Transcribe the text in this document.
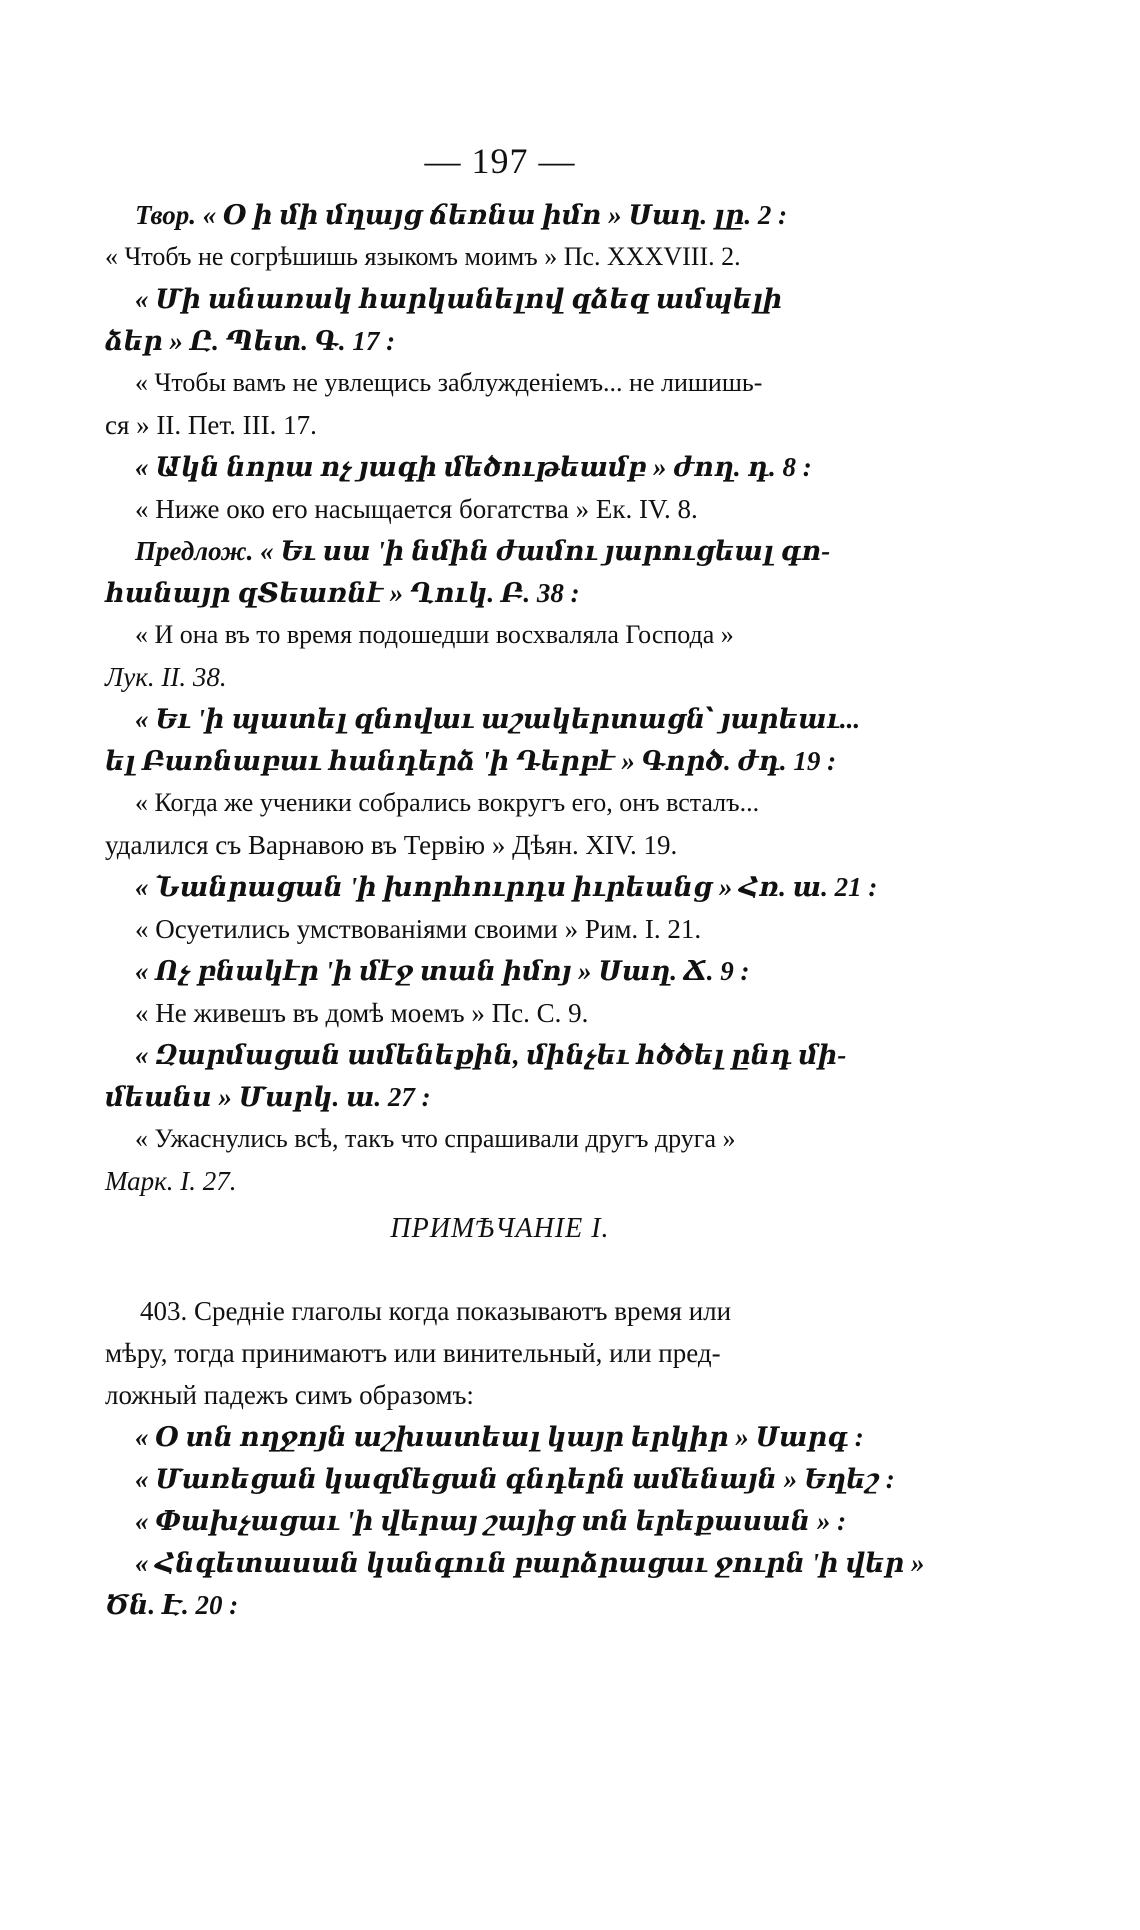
— 197 —

Твор. « Օ ի մի մղայց ճեռնա իմո » Սաղ. լը. 2 :

« Чтобъ не согрѣшишь языкомъ моимъ » Пс. XXXVIII. 2.

« Մի անառակ հարկանելով զձեզ ամպելի

ձեր » Ը. Պետ. Գ. 17 :

« Чтобы вамъ не увлещись заблужденіемъ... не лишишь-

ся » II. Пет. III. 17.

« Ակն նորա ոչ յագի մեծութեամբ » ժող. դ. 8 :

« Ниже око его насыщается богатства » Ек. IV. 8.

Предлож. « Եւ սա 'ի նմին ժամու յարուցեալ գո-

հանայր զՏեառնէ » Ղուկ. Բ. 38 :

« И она въ то время подошедши восхваляла Господа »

Лук. II. 38.

« Եւ 'ի պատել զնովաւ աշակերտացն՝ յարեաւ...

ել Բառնաբաւ հանդերձ 'ի Դերբէ » Գործ. ժդ. 19 :

« Когда же ученики собрались вокругъ его, онъ всталъ...

удалился съ Варнавою въ Тервію » Дѣян. XIV. 19.

« Նանրացան 'ի խորհուրդս իւրեանց » Հռ. ա. 21 :

« Осуетились умствованіями своими » Рим. I. 21.

« Ոչ բնակէր 'ի մէջ տան իմոյ » Սաղ. Ճ. 9 :

« Не живешъ въ домѣ моемъ » Пс. С. 9.

« Զարմացան ամենեքին, մինչեւ հծծել ընդ մի-

մեանս » Մարկ. ա. 27 :

« Ужаснулись всѣ, такъ что спрашивали другъ друга »

Марк. I. 27.

ПРИМѢЧАНІЕ I.

403. Средніе глаголы когда показываютъ время или

мѣру, тогда принимаютъ или винительный, или пред-

ложный падежъ симъ образомъ:

« Օ տն ողջոյն աշխատեալ կայր երկիր » Սարգ :

« Մառեցան կազմեցան գնդերն ամենայն » Եղեշ :

« Փախչացաւ 'ի վերայ շայից տն երեքասան » :

« Հնգետասան կանգուն բարձրացաւ ջուրն 'ի վեր »

Ծն. Է. 20 :
